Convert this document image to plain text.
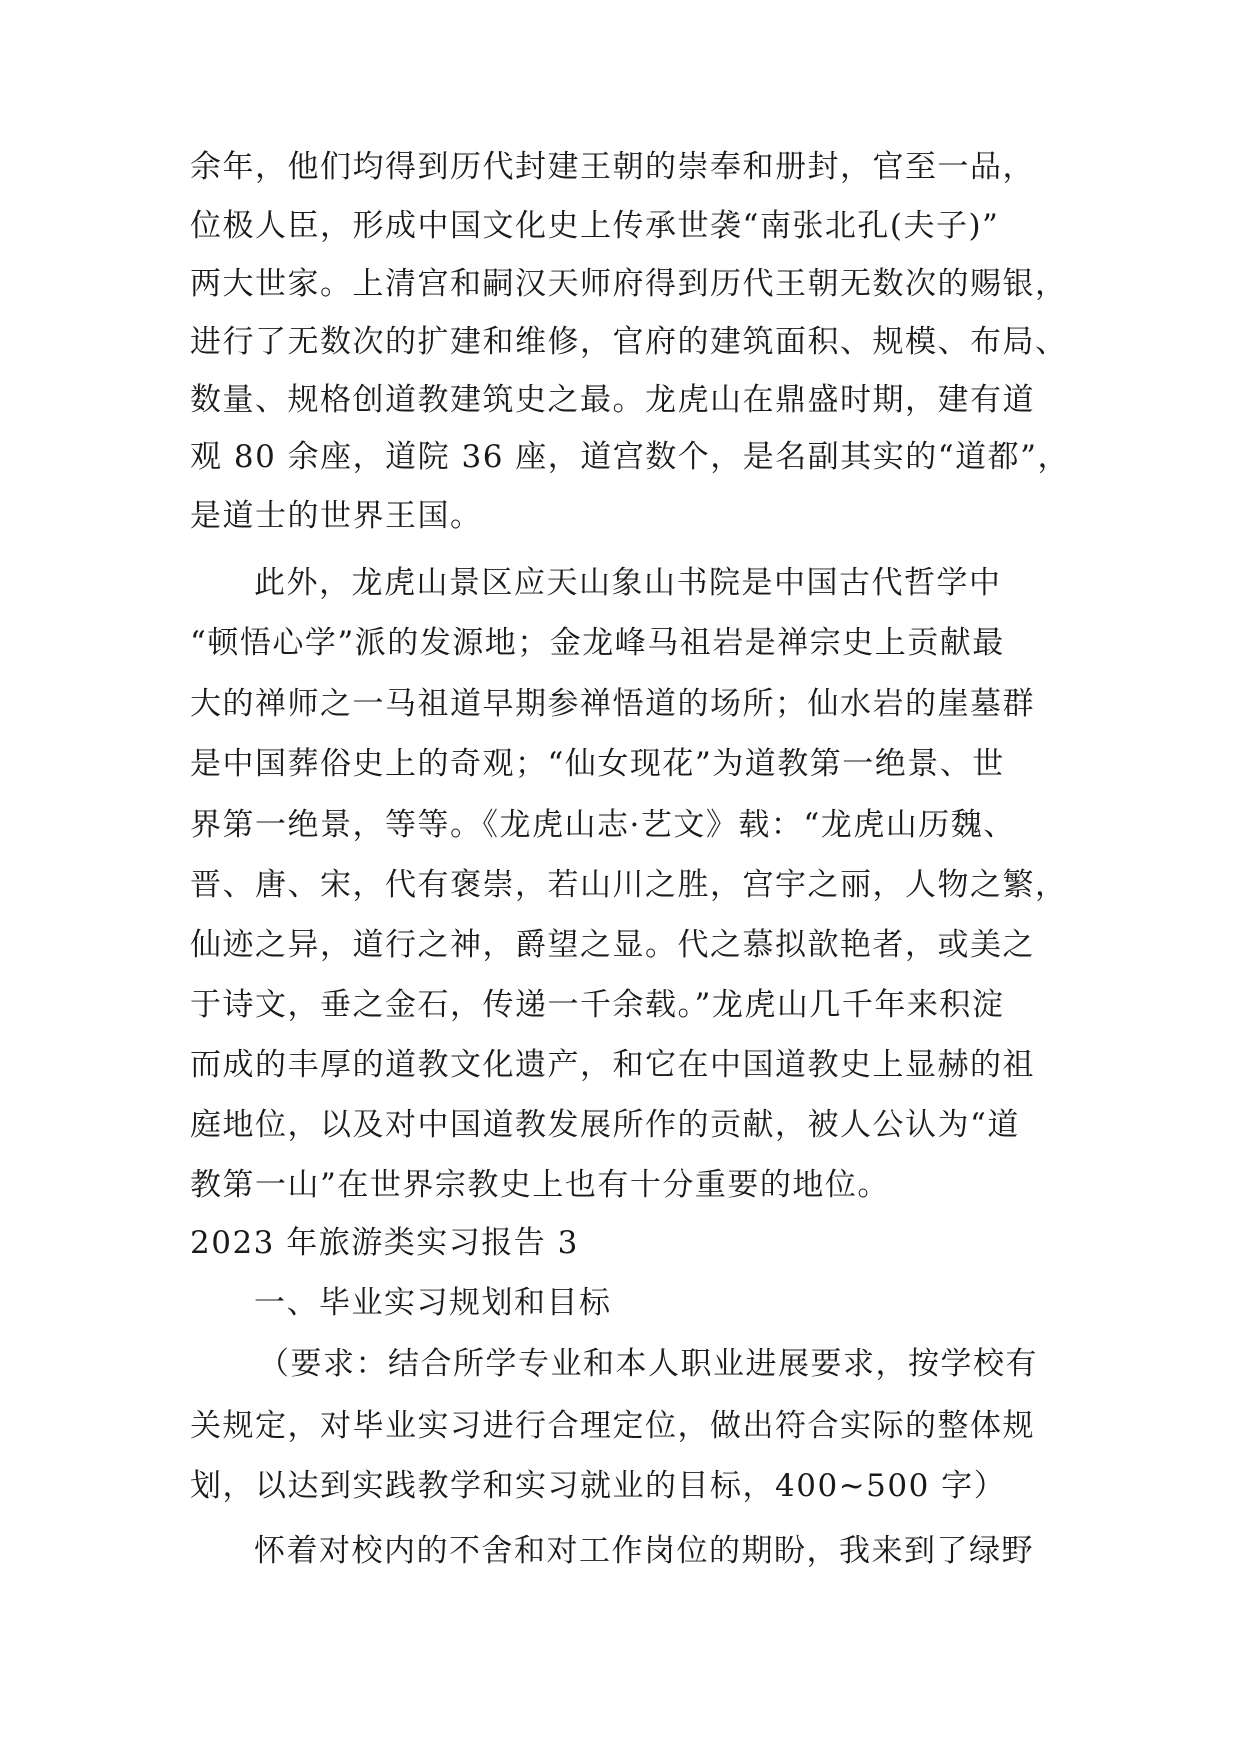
余年，他们均得到历代封建王朝的崇奉和册封，官至一品，
位极人臣，形成中国文化史上传承世袭“南张北孔(夫子)”
两大世家。上清宫和嗣汉天师府得到历代王朝无数次的赐银，
进行了无数次的扩建和维修，官府的建筑面积、规模、布局、
数量、规格创道教建筑史之最。龙虎山在鼎盛时期，建有道
观 80 余座，道院 36 座，道宫数个，是名副其实的“道都”，
是道士的世界王国。
此外，龙虎山景区应天山象山书院是中国古代哲学中
“顿悟心学”派的发源地；金龙峰马祖岩是禅宗史上贡献最
大的禅师之一马祖道早期参禅悟道的场所；仙水岩的崖墓群
是中国葬俗史上的奇观；“仙女现花”为道教第一绝景、世
界第一绝景，等等。《龙虎山志·艺文》载：“龙虎山历魏、
晋、唐、宋，代有褒崇，若山川之胜，宫宇之丽，人物之繁，
仙迹之异，道行之神，爵望之显。代之慕拟歆艳者，或美之
于诗文，垂之金石，传递一千余载。”龙虎山几千年来积淀
而成的丰厚的道教文化遗产，和它在中国道教史上显赫的祖
庭地位，以及对中国道教发展所作的贡献，被人公认为“道
教第一山”在世界宗教史上也有十分重要的地位。
2023 年旅游类实习报告 3
一、毕业实习规划和目标
（要求：结合所学专业和本人职业进展要求，按学校有
关规定，对毕业实习进行合理定位，做出符合实际的整体规
划，以达到实践教学和实习就业的目标，400~500 字）
怀着对校内的不舍和对工作岗位的期盼，我来到了绿野
